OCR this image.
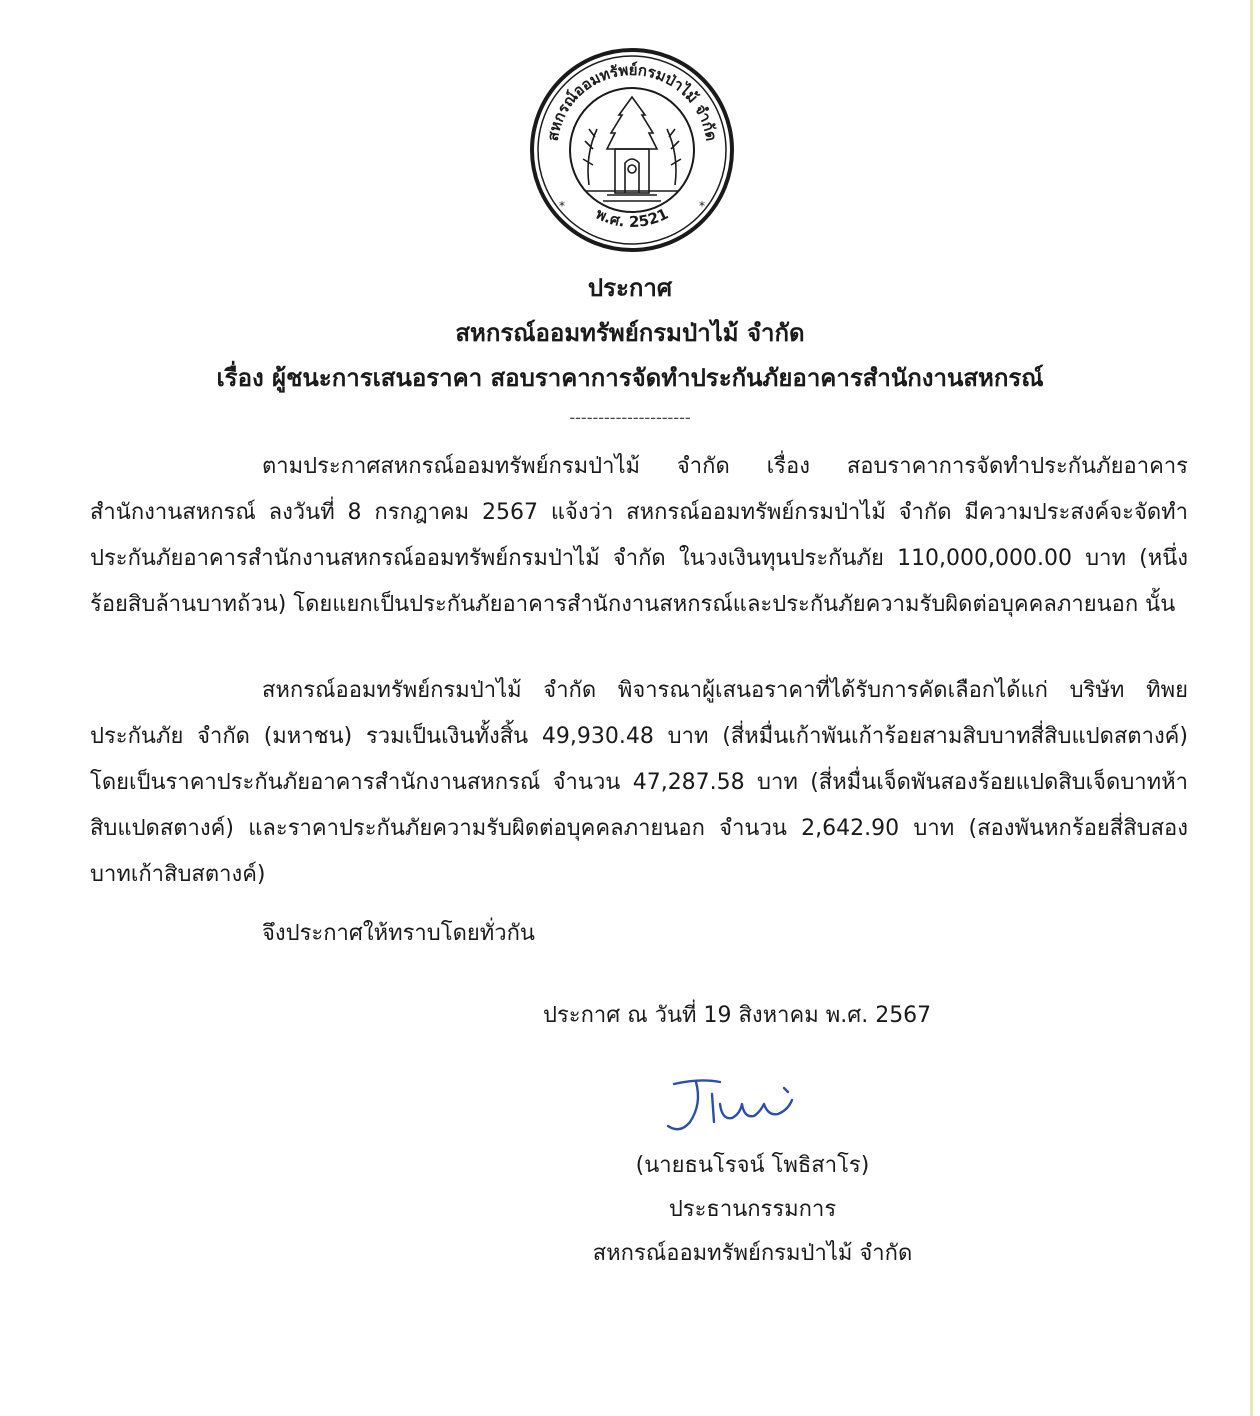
สหกรณ์ออมทรัพย์กรมป่าไม้ จำกัด
พ.ศ. 2521
*	*
ประกาศ
สหกรณ์ออมทรัพย์กรมป่าไม้ จำกัด
เรื่อง ผู้ชนะการเสนอราคา สอบราคาการจัดทำประกันภัยอาคารสำนักงานสหกรณ์
---------------------
ตามประกาศสหกรณ์ออมทรัพย์กรมป่าไม้ จำกัด เรื่อง สอบราคาการจัดทำประกันภัยอาคารสำนักงานสหกรณ์ ลงวันที่ 8 กรกฎาคม 2567 แจ้งว่า สหกรณ์ออมทรัพย์กรมป่าไม้ จำกัด มีความประสงค์จะจัดทำประกันภัยอาคารสำนักงานสหกรณ์ออมทรัพย์กรมป่าไม้ จำกัด ในวงเงินทุนประกันภัย 110,000,000.00 บาท (หนึ่งร้อยสิบล้านบาทถ้วน) โดยแยกเป็นประกันภัยอาคารสำนักงานสหกรณ์และประกันภัยความรับผิดต่อบุคคลภายนอก นั้น
สหกรณ์ออมทรัพย์กรมป่าไม้ จำกัด พิจารณาผู้เสนอราคาที่ได้รับการคัดเลือกได้แก่ บริษัท ทิพยประกันภัย จำกัด (มหาชน) รวมเป็นเงินทั้งสิ้น 49,930.48 บาท (สี่หมื่นเก้าพันเก้าร้อยสามสิบบาทสี่สิบแปดสตางค์) โดยเป็นราคาประกันภัยอาคารสำนักงานสหกรณ์ จำนวน 47,287.58 บาท (สี่หมื่นเจ็ดพันสองร้อยแปดสิบเจ็ดบาทห้าสิบแปดสตางค์) และราคาประกันภัยความรับผิดต่อบุคคลภายนอก จำนวน 2,642.90 บาท (สองพันหกร้อยสี่สิบสองบาทเก้าสิบสตางค์)
จึงประกาศให้ทราบโดยทั่วกัน
ประกาศ ณ วันที่ 19 สิงหาคม พ.ศ. 2567
(นายธนโรจน์ โพธิสาโร)
ประธานกรรมการ
สหกรณ์ออมทรัพย์กรมป่าไม้ จำกัด
